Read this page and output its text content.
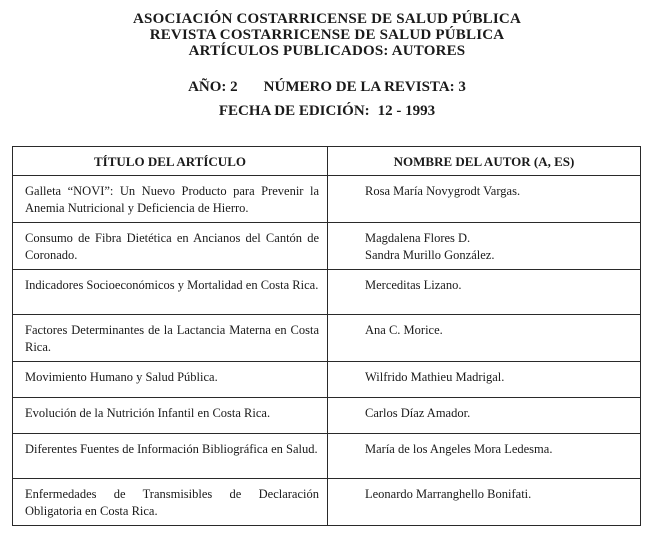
ASOCIACIÓN COSTARRICENSE DE SALUD PÚBLICA
REVISTA COSTARRICENSE DE SALUD PÚBLICA
ARTÍCULOS PUBLICADOS: AUTORES
AÑO: 2 NÚMERO DE LA REVISTA: 3
FECHA DE EDICIÓN: 12 - 1993
TÍTULO DEL ARTÍCULO	NOMBRE DEL AUTOR (A, ES)
Galleta “NOVI”: Un Nuevo Producto para Prevenir la Anemia Nutricional y Deficiencia de Hierro.	Rosa María Novygrodt Vargas.

Consumo de Fibra Dietética en Ancianos del Cantón de Coronado.	Magdalena Flores D.
Sandra Murillo González.

Indicadores Socioeconómicos y Mortalidad en Costa Rica.	Merceditas Lizano.

Factores Determinantes de la Lactancia Materna en Costa Rica.	Ana C. Morice.

Movimiento Humano y Salud Pública.	Wilfrido Mathieu Madrigal.

Evolución de la Nutrición Infantil en Costa Rica.	Carlos Díaz Amador.

Diferentes Fuentes de Información Bibliográfica en Salud.	María de los Angeles Mora Ledesma.

Enfermedades de Transmisibles de Declaración Obligatoria en Costa Rica.	Leonardo Marranghello Bonifati.
